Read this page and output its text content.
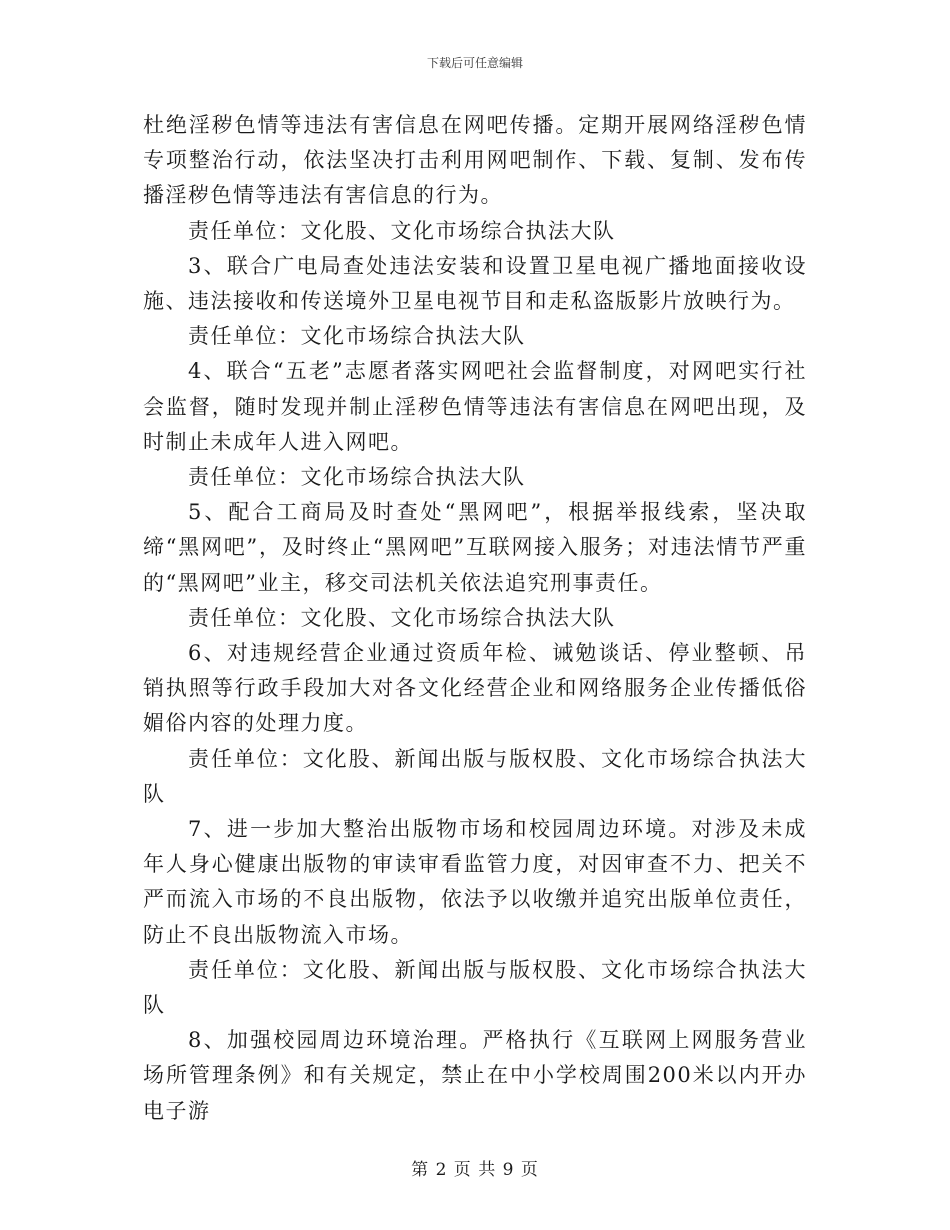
下载后可任意编辑

杜绝淫秽色情等违法有害信息在网吧传播。定期开展网络淫秽色情专项整治行动，依法坚决打击利用网吧制作、下载、复制、发布传播淫秽色情等违法有害信息的行为。

责任单位：文化股、文化市场综合执法大队

3、联合广电局查处违法安装和设置卫星电视广播地面接收设施、违法接收和传送境外卫星电视节目和走私盗版影片放映行为。

责任单位：文化市场综合执法大队

4、联合“五老”志愿者落实网吧社会监督制度，对网吧实行社会监督，随时发现并制止淫秽色情等违法有害信息在网吧出现，及时制止未成年人进入网吧。

责任单位：文化市场综合执法大队

5、配合工商局及时查处“黑网吧”，根据举报线索，坚决取缔“黑网吧”，及时终止“黑网吧”互联网接入服务；对违法情节严重的“黑网吧”业主，移交司法机关依法追究刑事责任。

责任单位：文化股、文化市场综合执法大队

6、对违规经营企业通过资质年检、诫勉谈话、停业整顿、吊销执照等行政手段加大对各文化经营企业和网络服务企业传播低俗媚俗内容的处理力度。

责任单位：文化股、新闻出版与版权股、文化市场综合执法大队

7、进一步加大整治出版物市场和校园周边环境。对涉及未成年人身心健康出版物的审读审看监管力度，对因审查不力、把关不严而流入市场的不良出版物，依法予以收缴并追究出版单位责任，防止不良出版物流入市场。

责任单位：文化股、新闻出版与版权股、文化市场综合执法大队

8、加强校园周边环境治理。严格执行《互联网上网服务营业场所管理条例》和有关规定，禁止在中小学校周围200米以内开办电子游

第 2 页 共 9 页
